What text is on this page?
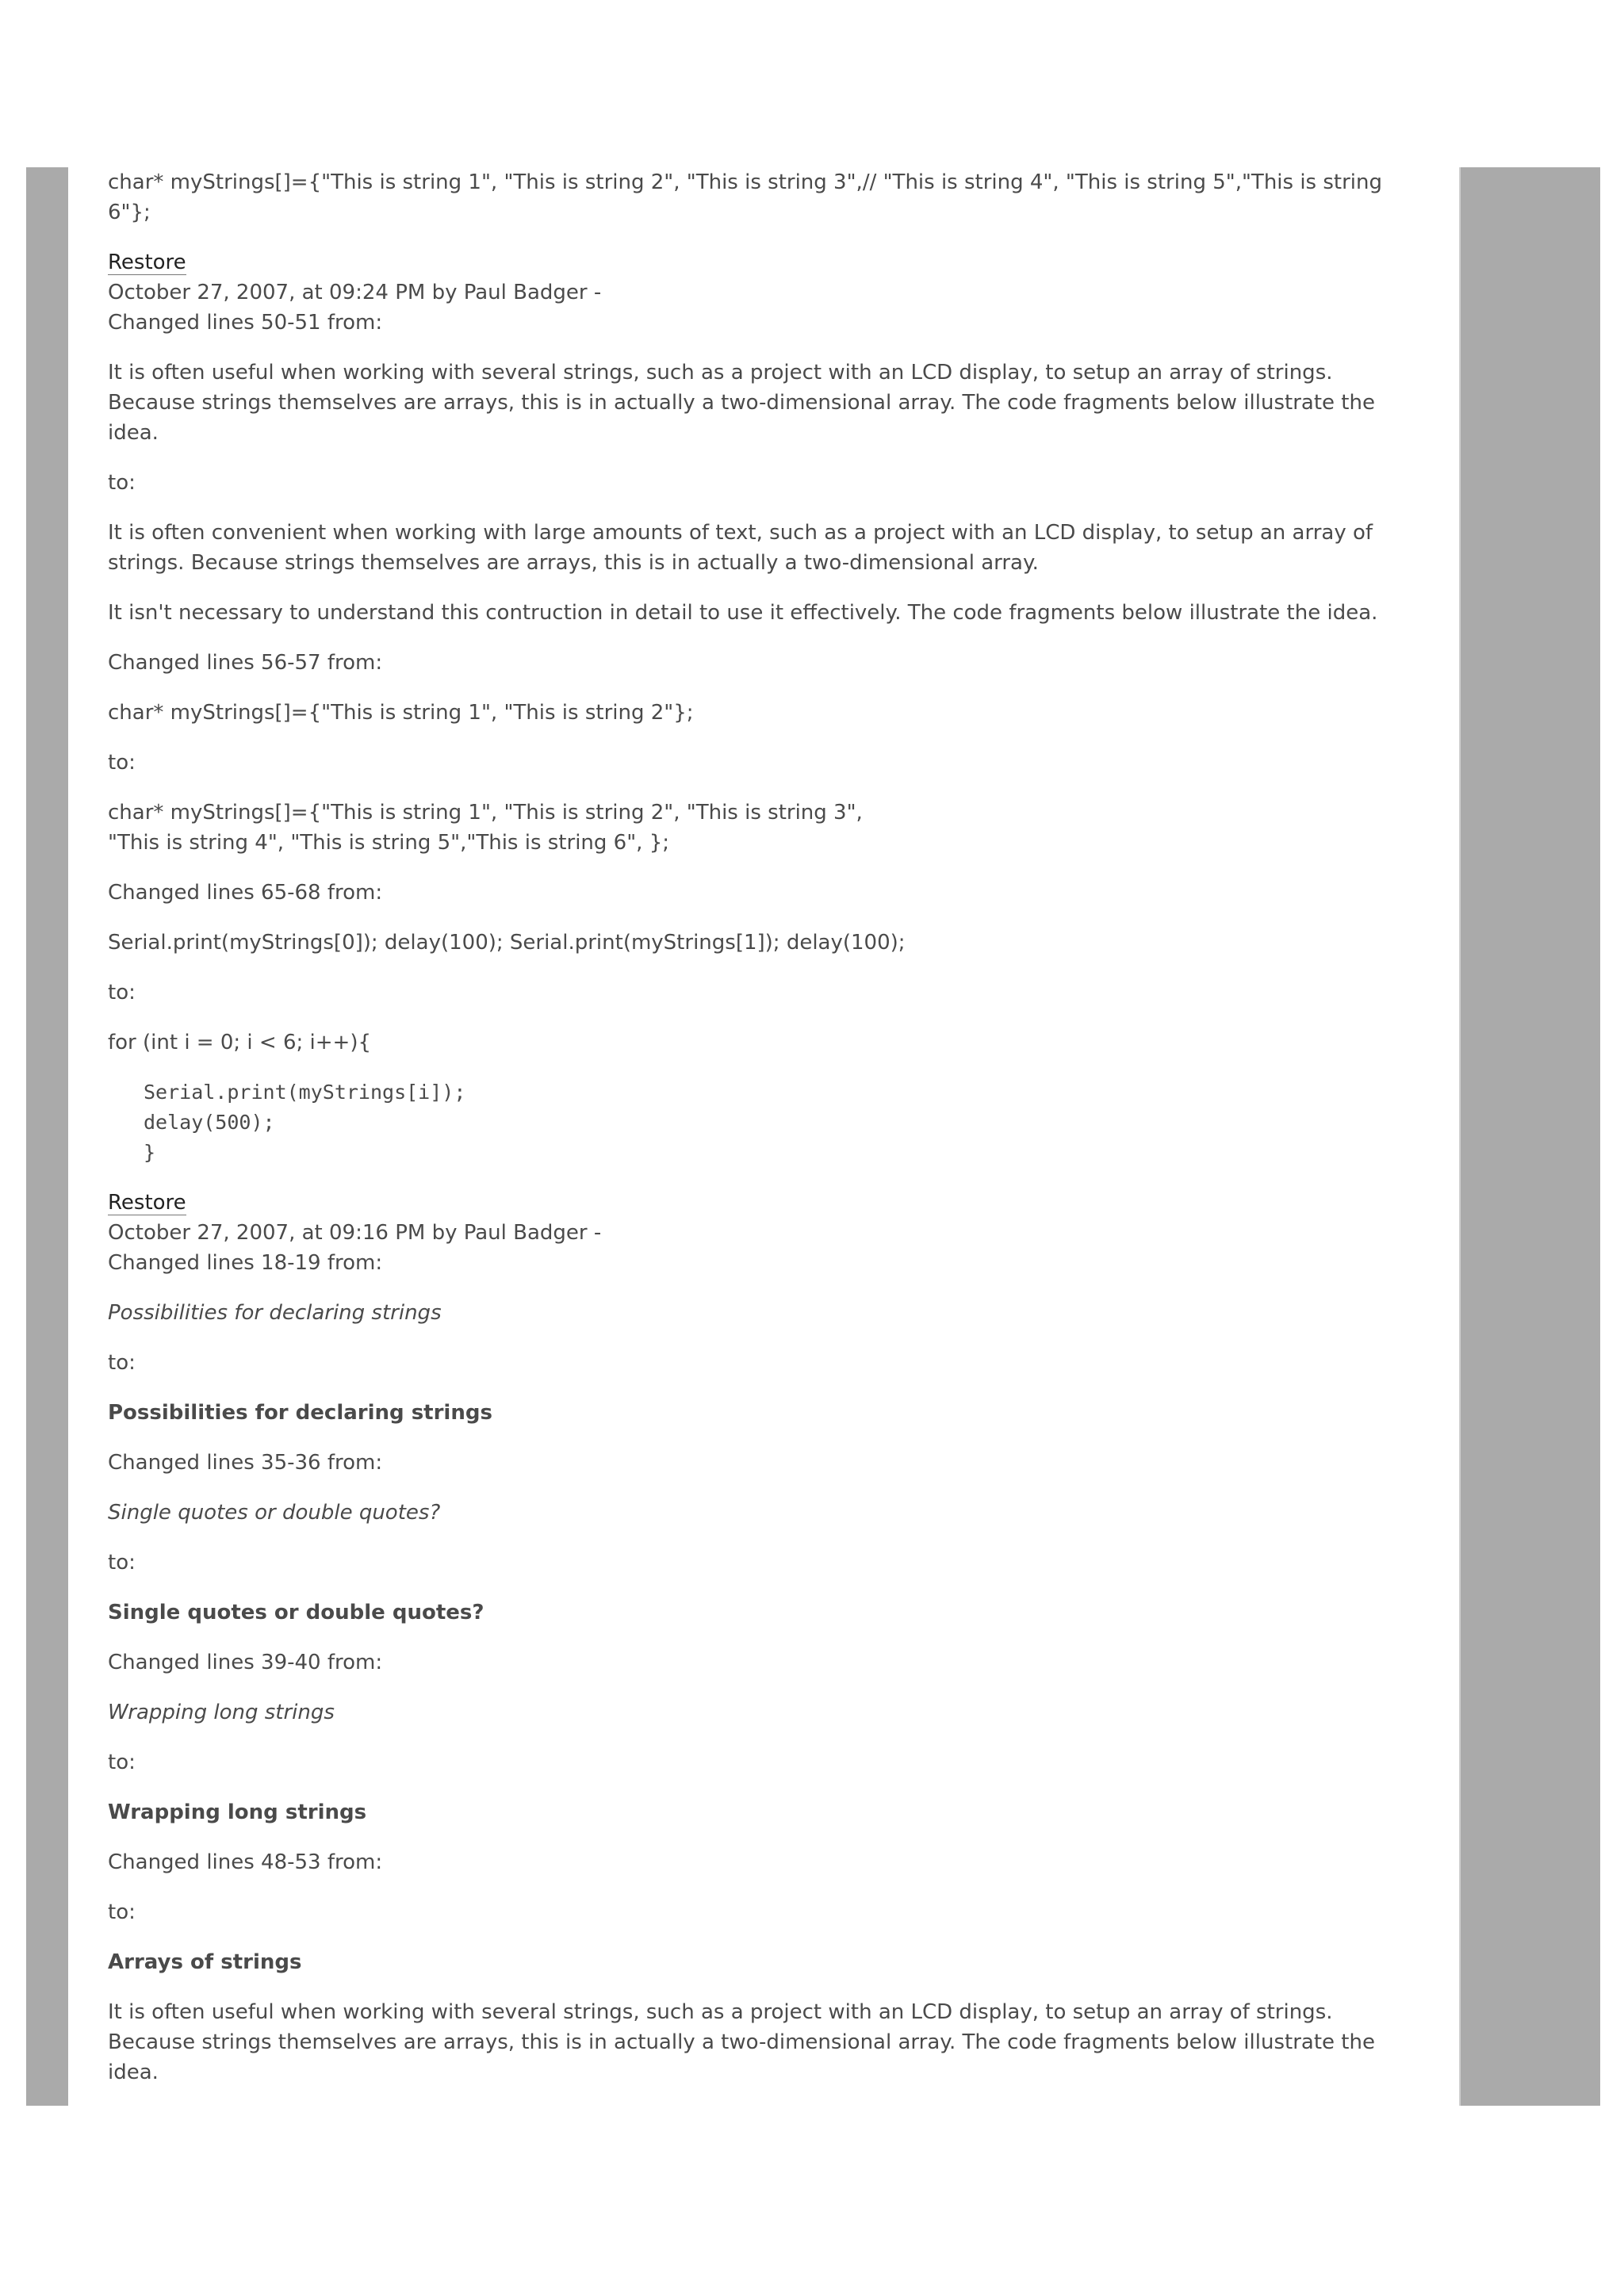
char* myStrings[]={"This is string 1", "This is string 2", "This is string 3",// "This is string 4", "This is string 5","This is string 6"};

Restore
October 27, 2007, at 09:24 PM by Paul Badger -
Changed lines 50-51 from:

It is often useful when working with several strings, such as a project with an LCD display, to setup an array of strings. Because strings themselves are arrays, this is in actually a two-dimensional array. The code fragments below illustrate the idea.

to:

It is often convenient when working with large amounts of text, such as a project with an LCD display, to setup an array of strings. Because strings themselves are arrays, this is in actually a two-dimensional array.

It isn't necessary to understand this contruction in detail to use it effectively. The code fragments below illustrate the idea.

Changed lines 56-57 from:

char* myStrings[]={"This is string 1", "This is string 2"};

to:

char* myStrings[]={"This is string 1", "This is string 2", "This is string 3",
"This is string 4", "This is string 5","This is string 6", };

Changed lines 65-68 from:

Serial.print(myStrings[0]); delay(100); Serial.print(myStrings[1]); delay(100);

to:

for (int i = 0; i < 6; i++){

Serial.print(myStrings[i]);
delay(500);
}
Restore
October 27, 2007, at 09:16 PM by Paul Badger -
Changed lines 18-19 from:

Possibilities for declaring strings

to:

Possibilities for declaring strings

Changed lines 35-36 from:

Single quotes or double quotes?

to:

Single quotes or double quotes?

Changed lines 39-40 from:

Wrapping long strings

to:

Wrapping long strings

Changed lines 48-53 from:

to:

Arrays of strings

It is often useful when working with several strings, such as a project with an LCD display, to setup an array of strings. Because strings themselves are arrays, this is in actually a two-dimensional array. The code fragments below illustrate the idea.
